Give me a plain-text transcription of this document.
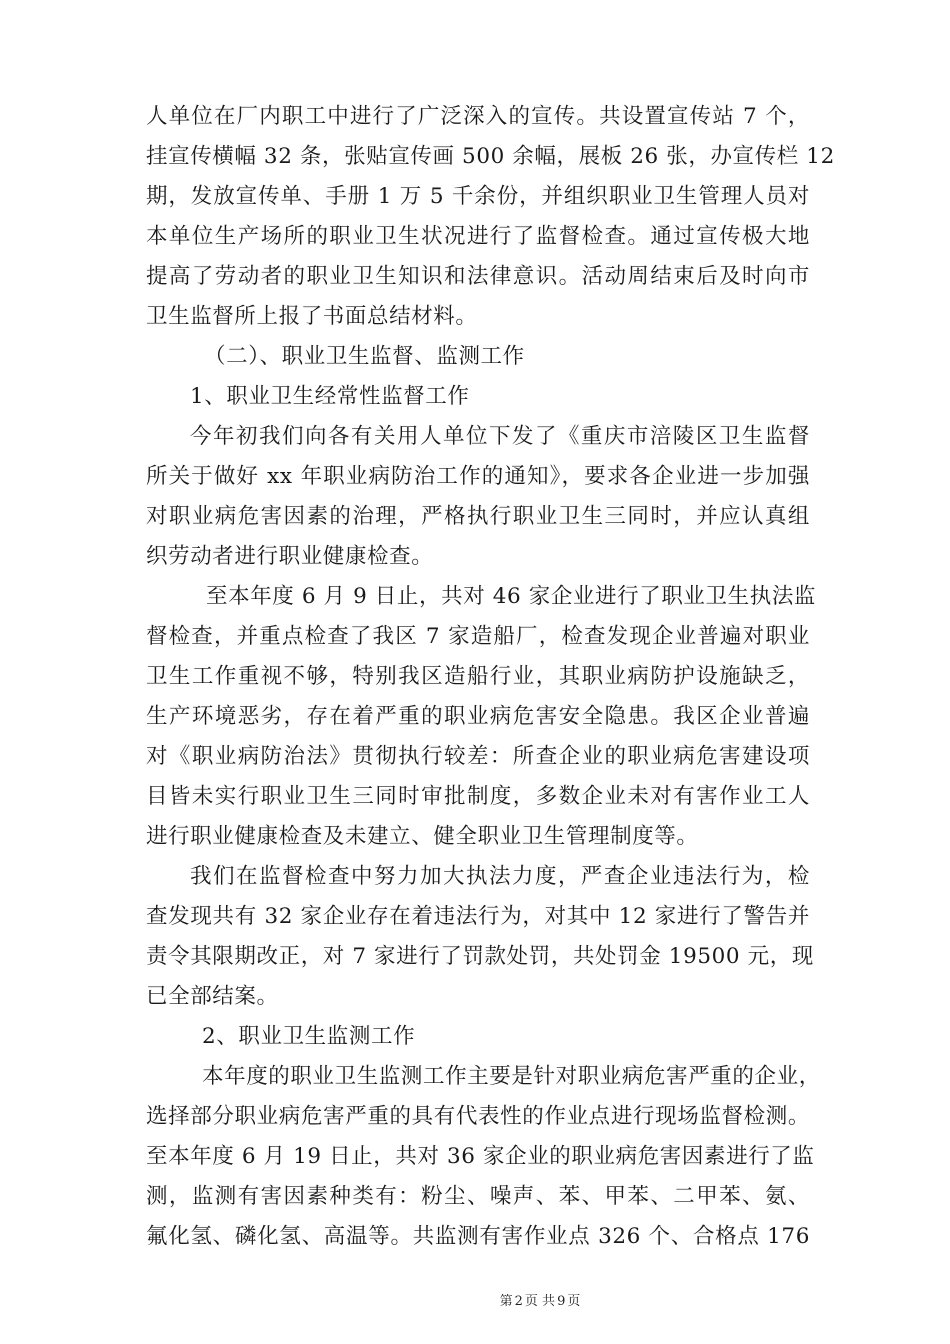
人单位在厂内职工中进行了广泛深入的宣传。共设置宣传站 7 个，
挂宣传横幅 32 条，张贴宣传画 500 余幅，展板 26 张，办宣传栏 12
期，发放宣传单、手册 1 万 5 千余份，并组织职业卫生管理人员对
本单位生产场所的职业卫生状况进行了监督检查。通过宣传极大地
提高了劳动者的职业卫生知识和法律意识。活动周结束后及时向市
卫生监督所上报了书面总结材料。
（二）、职业卫生监督、监测工作
1、职业卫生经常性监督工作
今年初我们向各有关用人单位下发了《重庆市涪陵区卫生监督
所关于做好 xx 年职业病防治工作的通知》，要求各企业进一步加强
对职业病危害因素的治理，严格执行职业卫生三同时，并应认真组
织劳动者进行职业健康检查。
至本年度 6 月 9 日止，共对 46 家企业进行了职业卫生执法监
督检查，并重点检查了我区 7 家造船厂，检查发现企业普遍对职业
卫生工作重视不够，特别我区造船行业，其职业病防护设施缺乏，
生产环境恶劣，存在着严重的职业病危害安全隐患。我区企业普遍
对《职业病防治法》贯彻执行较差：所查企业的职业病危害建设项
目皆未实行职业卫生三同时审批制度，多数企业未对有害作业工人
进行职业健康检查及未建立、健全职业卫生管理制度等。
我们在监督检查中努力加大执法力度，严查企业违法行为，检
查发现共有 32 家企业存在着违法行为，对其中 12 家进行了警告并
责令其限期改正，对 7 家进行了罚款处罚，共处罚金 19500 元，现
已全部结案。
2、职业卫生监测工作
本年度的职业卫生监测工作主要是针对职业病危害严重的企业，
选择部分职业病危害严重的具有代表性的作业点进行现场监督检测。
至本年度 6 月 19 日止，共对 36 家企业的职业病危害因素进行了监
测，监测有害因素种类有：粉尘、噪声、苯、甲苯、二甲苯、氨、
氟化氢、磷化氢、高温等。共监测有害作业点 326 个、合格点 176
第 2 页 共 9 页
